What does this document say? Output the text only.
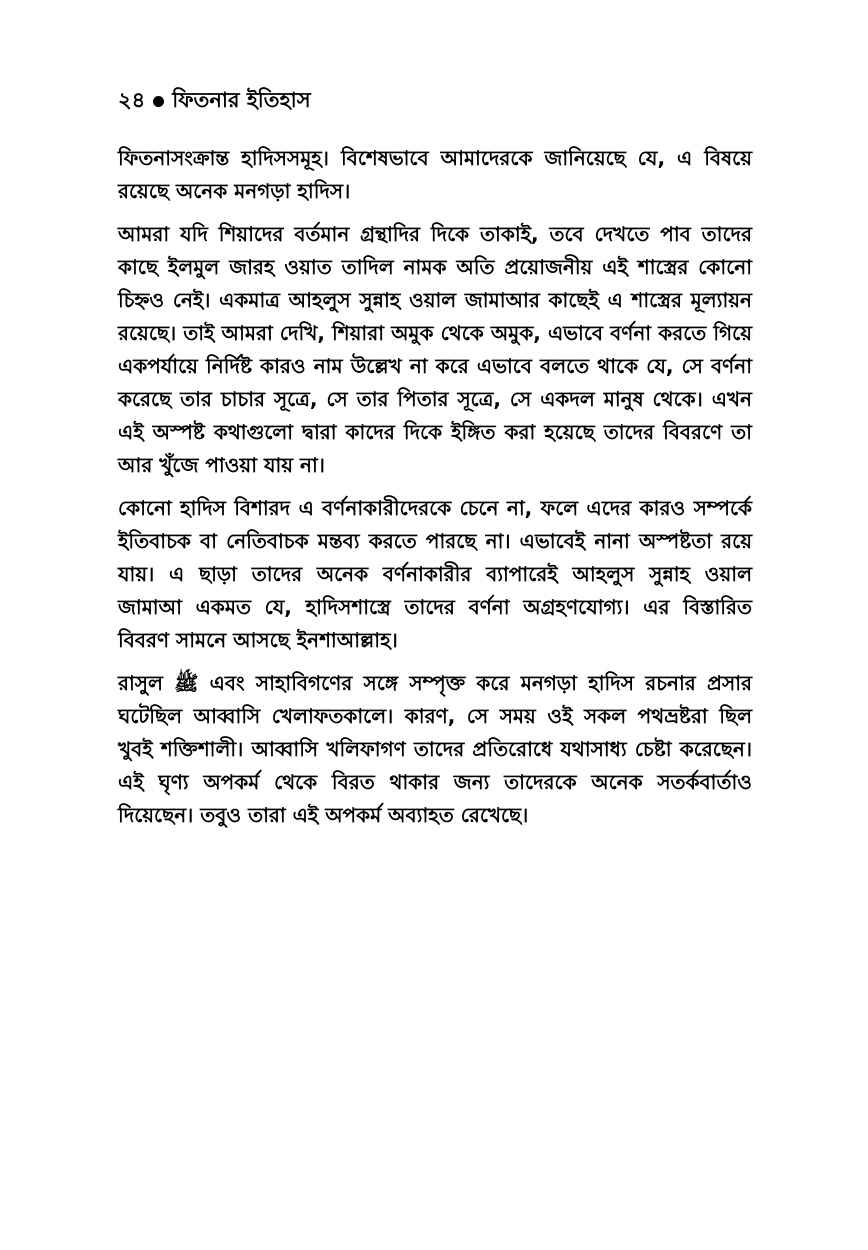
২৪ ফিতনার ইতিহাস

ফিতনাসংক্রান্ত হাদিসসমূহ। বিশেষভাবে আমাদেরকে জানিয়েছে যে, এ বিষয়ে রয়েছে অনেক মনগড়া হাদিস।

আমরা যদি শিয়াদের বর্তমান গ্রন্থাদির দিকে তাকাই, তবে দেখতে পাব তাদের কাছে ইলমুল জারহ ওয়াত তাদিল নামক অতি প্রয়োজনীয় এই শাস্ত্রের কোনো চিহ্নও নেই। একমাত্র আহলুস সুন্নাহ ওয়াল জামাআর কাছেই এ শাস্ত্রের মূল্যায়ন রয়েছে। তাই আমরা দেখি, শিয়ারা অমুক থেকে অমুক, এভাবে বর্ণনা করতে গিয়ে একপর্যায়ে নির্দিষ্ট কারও নাম উল্লেখ না করে এভাবে বলতে থাকে যে, সে বর্ণনা করেছে তার চাচার সূত্রে, সে তার পিতার সূত্রে, সে একদল মানুষ থেকে। এখন এই অস্পষ্ট কথাগুলো দ্বারা কাদের দিকে ইঙ্গিত করা হয়েছে তাদের বিবরণে তা আর খুঁজে পাওয়া যায় না।

কোনো হাদিস বিশারদ এ বর্ণনাকারীদেরকে চেনে না, ফলে এদের কারও সম্পর্কে ইতিবাচক বা নেতিবাচক মন্তব্য করতে পারছে না। এভাবেই নানা অস্পষ্টতা রয়ে যায়। এ ছাড়া তাদের অনেক বর্ণনাকারীর ব্যাপারেই আহলুস সুন্নাহ ওয়াল জামাআ একমত যে, হাদিসশাস্ত্রে তাদের বর্ণনা অগ্রহণযোগ্য। এর বিস্তারিত বিবরণ সামনে আসছে ইনশাআল্লাহ।

রাসুল ﷺ এবং সাহাবিগণের সঙ্গে সম্পৃক্ত করে মনগড়া হাদিস রচনার প্রসার ঘটেছিল আব্বাসি খেলাফতকালে। কারণ, সে সময় ওই সকল পথভ্রষ্টরা ছিল খুবই শক্তিশালী। আব্বাসি খলিফাগণ তাদের প্রতিরোধে যথাসাধ্য চেষ্টা করেছেন। এই ঘৃণ্য অপকর্ম থেকে বিরত থাকার জন্য তাদেরকে অনেক সতর্কবার্তাও দিয়েছেন। তবুও তারা এই অপকর্ম অব্যাহত রেখেছে।
